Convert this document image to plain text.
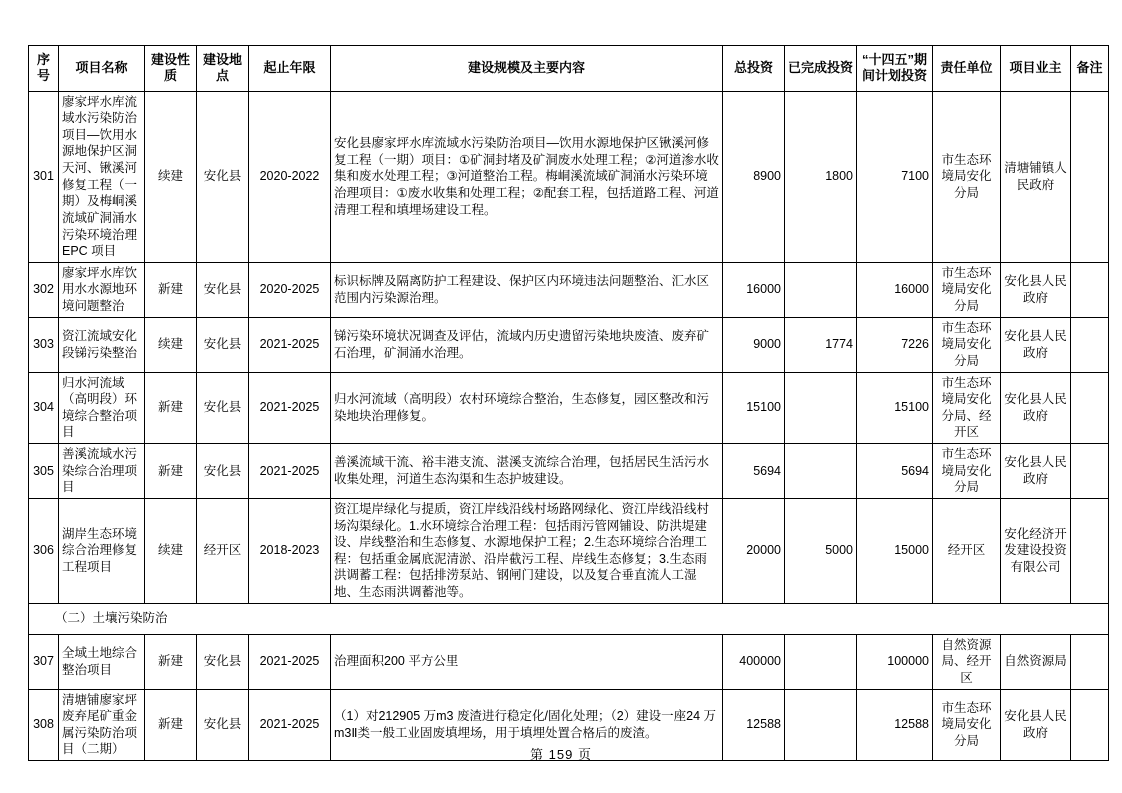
序号	项目名称	建设性质	建设地点	起止年限	建设规模及主要内容	总投资	已完成投资	“十四五”期间计划投资	责任单位	项目业主	备注
301	廖家坪水库流域水污染防治项目—饮用水源地保护区洞天河、锹溪河修复工程（一期）及梅峒溪流域矿洞涌水污染环境治理 EPC 项目	续建	安化县	2020-2022	安化县廖家坪水库流域水污染防治项目—饮用水源地保护区锹溪河修复工程（一期）项目：①矿洞封堵及矿洞废水处理工程；②河道渗水收集和废水处理工程；③河道整治工程。梅峒溪流域矿洞涌水污染环境治理项目：①废水收集和处理工程；②配套工程，包括道路工程、河道清理工程和填埋场建设工程。	8900	1800	7100	市生态环境局安化分局	清塘铺镇人民政府	
302	廖家坪水库饮用水水源地环境问题整治	新建	安化县	2020-2025	标识标牌及隔离防护工程建设、保护区内环境违法问题整治、汇水区范围内污染源治理。	16000		16000	市生态环境局安化分局	安化县人民政府	
303	资江流域安化段锑污染整治	续建	安化县	2021-2025	锑污染环境状况调查及评估，流域内历史遗留污染地块废渣、废弃矿石治理，矿洞涌水治理。	9000	1774	7226	市生态环境局安化分局	安化县人民政府	
304	归水河流域（高明段）环境综合整治项目	新建	安化县	2021-2025	归水河流域（高明段）农村环境综合整治，生态修复，园区整改和污染地块治理修复。	15100		15100	市生态环境局安化分局、经开区	安化县人民政府	
305	善溪流域水污染综合治理项目	新建	安化县	2021-2025	善溪流域干流、裕丰港支流、湛溪支流综合治理，包括居民生活污水收集处理，河道生态沟渠和生态护坡建设。	5694		5694	市生态环境局安化分局	安化县人民政府	
306	湖岸生态环境综合治理修复工程项目	续建	经开区	2018-2023	资江堤岸绿化与提质，资江岸线沿线村场路网绿化、资江岸线沿线村场沟渠绿化。1.水环境综合治理工程：包括雨污管网铺设、防洪堤建设、岸线整治和生态修复、水源地保护工程；2.生态环境综合治理工程：包括重金属底泥清淤、沿岸截污工程、岸线生态修复；3.生态雨洪调蓄工程：包括排涝泵站、钢闸门建设，以及复合垂直流人工湿地、生态雨洪调蓄池等。	20000	5000	15000	经开区	安化经济开发建设投资有限公司	
（二）土壤污染防治											
307	全域土地综合整治项目	新建	安化县	2021-2025	治理面积200 平方公里	400000		100000	自然资源局、经开区	自然资源局	
308	清塘铺廖家坪废弃尾矿重金属污染防治项目（二期）	新建	安化县	2021-2025	（1）对212905 万m3 废渣进行稳定化/固化处理；（2）建设一座24 万m3Ⅱ类一般工业固废填埋场，用于填埋处置合格后的废渣。	12588		12588	市生态环境局安化分局	安化县人民政府	
第 159 页
